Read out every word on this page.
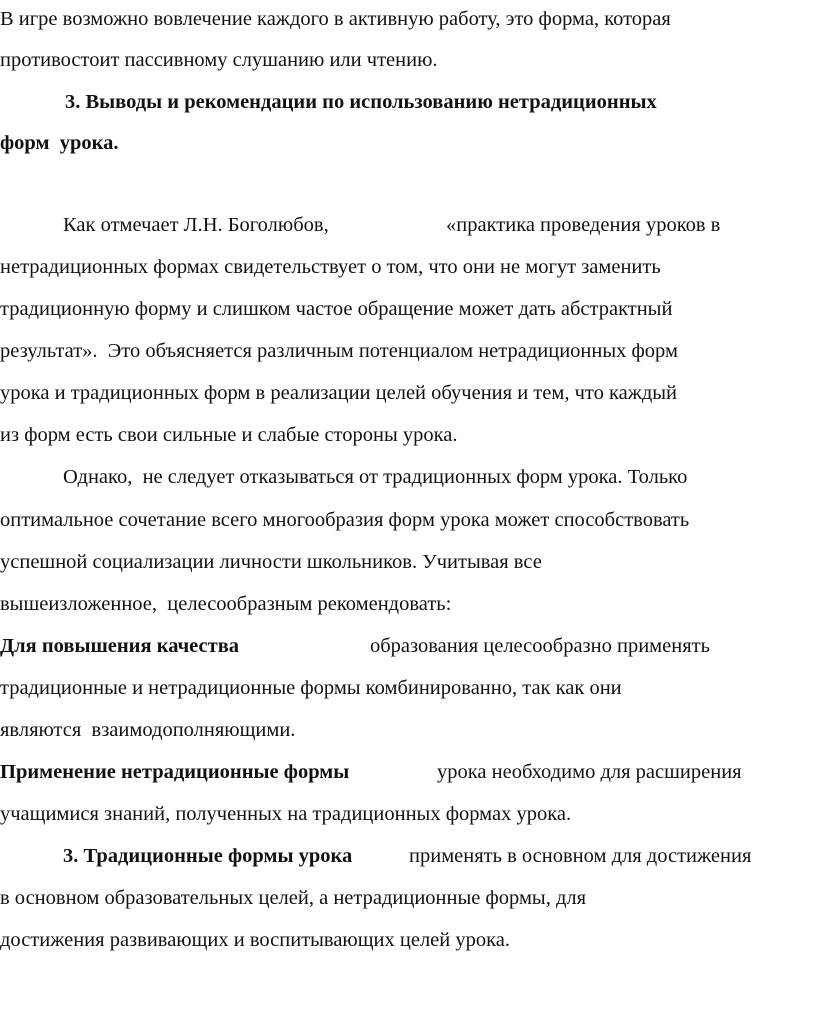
В игре возможно вовлечение каждого в активную работу, это форма, которая
противостоит пассивному слушанию или чтению.
3. Выводы и рекомендации по использованию нетрадиционных
форм  урока.
Как отмечает Л.Н. Боголюбов,	«практика проведения уроков в
нетрадиционных формах свидетельствует о том, что они не могут заменить
традиционную форму и слишком частое обращение может дать абстрактный
результат».  Это объясняется различным потенциалом нетрадиционных форм
урока и традиционных форм в реализации целей обучения и тем, что каждый
из форм есть свои сильные и слабые стороны урока.
Однако,  не следует отказываться от традиционных форм урока. Только
оптимальное сочетание всего многообразия форм урока может способствовать
успешной социализации личности школьников. Учитывая все
вышеизложенное,  целесообразным рекомендовать:
Для повышения качества	образования целесообразно применять
традиционные и нетрадиционные формы комбинированно, так как они
являются  взаимодополняющими.
Применение нетрадиционные формы	урока необходимо для расширения
учащимися знаний, полученных на традиционных формах урока.
3. Традиционные формы урока	применять в основном для достижения
в основном образовательных целей, а нетрадиционные формы, для
достижения развивающих и воспитывающих целей урока.
